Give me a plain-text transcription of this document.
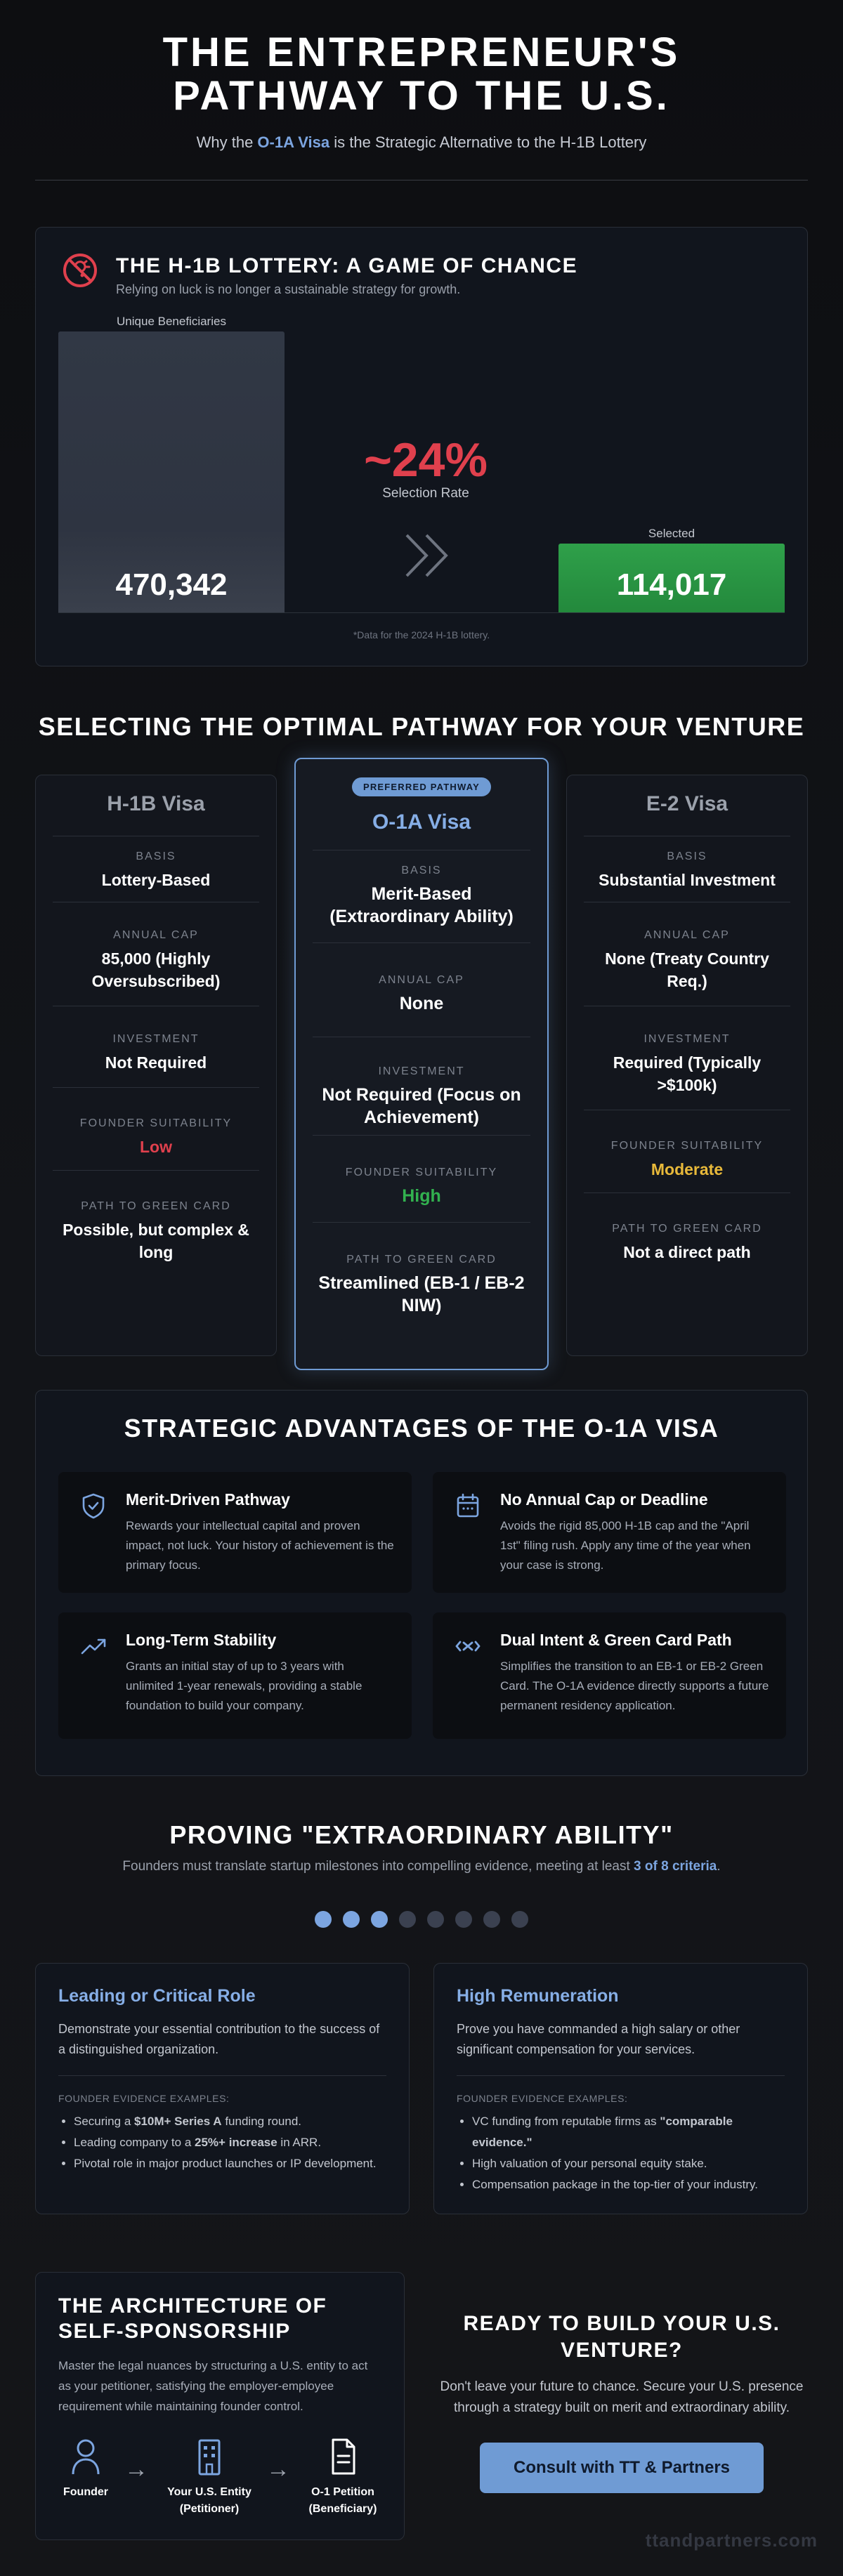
THE ENTREPRENEUR'S
PATHWAY TO THE U.S.
Why the O-1A Visa is the Strategic Alternative to the H-1B Lottery
THE H-1B LOTTERY: A GAME OF CHANCE
Relying on luck is no longer a sustainable strategy for growth.
Unique Beneficiaries
470,342
~24%
Selection Rate
Selected
114,017
*Data for the 2024 H-1B lottery.
SELECTING THE OPTIMAL PATHWAY FOR YOUR VENTURE
H-1B Visa
BASIS
Lottery-Based
ANNUAL CAP
85,000 (Highly Oversubscribed)
INVESTMENT
Not Required
FOUNDER SUITABILITY
Low
PATH TO GREEN CARD
Possible, but complex & long
PREFERRED PATHWAY
O-1A Visa
BASIS
Merit-Based (Extraordinary Ability)
ANNUAL CAP
None
INVESTMENT
Not Required (Focus on Achievement)
FOUNDER SUITABILITY
High
PATH TO GREEN CARD
Streamlined (EB-1 / EB-2 NIW)
E-2 Visa
BASIS
Substantial Investment
ANNUAL CAP
None (Treaty Country Req.)
INVESTMENT
Required (Typically >$100k)
FOUNDER SUITABILITY
Moderate
PATH TO GREEN CARD
Not a direct path
STRATEGIC ADVANTAGES OF THE O-1A VISA
Merit-Driven Pathway

Rewards your intellectual capital and proven impact, not luck. Your history of achievement is the primary focus.

No Annual Cap or Deadline

Avoids the rigid 85,000 H-1B cap and the "April 1st" filing rush. Apply any time of the year when your case is strong.

Long-Term Stability

Grants an initial stay of up to 3 years with unlimited 1-year renewals, providing a stable foundation to build your company.

Dual Intent & Green Card Path

Simplifies the transition to an EB-1 or EB-2 Green Card. The O-1A evidence directly supports a future permanent residency application.

PROVING "EXTRAORDINARY ABILITY"
Founders must translate startup milestones into compelling evidence, meeting at least 3 of 8 criteria.
Leading or Critical Role
Demonstrate your essential contribution to the success of a distinguished organization.
FOUNDER EVIDENCE EXAMPLES:
• Securing a $10M+ Series A funding round.
• Leading company to a 25%+ increase in ARR.
• Pivotal role in major product launches or IP development.
High Remuneration
Prove you have commanded a high salary or other significant compensation for your services.
FOUNDER EVIDENCE EXAMPLES:
• VC funding from reputable firms as "comparable evidence."
• High valuation of your personal equity stake.
• Compensation package in the top-tier of your industry.
THE ARCHITECTURE OF SELF-SPONSORSHIP
Master the legal nuances by structuring a U.S. entity to act as your petitioner, satisfying the employer-employee requirement while maintaining founder control.
Founder
→
Your U.S. Entity
(Petitioner)
→
O-1 Petition
(Beneficiary)
READY TO BUILD YOUR U.S. VENTURE?

Don't leave your future to chance. Secure your U.S. presence through a strategy built on merit and extraordinary ability.

Consult with TT & Partners
ttandpartners.com
